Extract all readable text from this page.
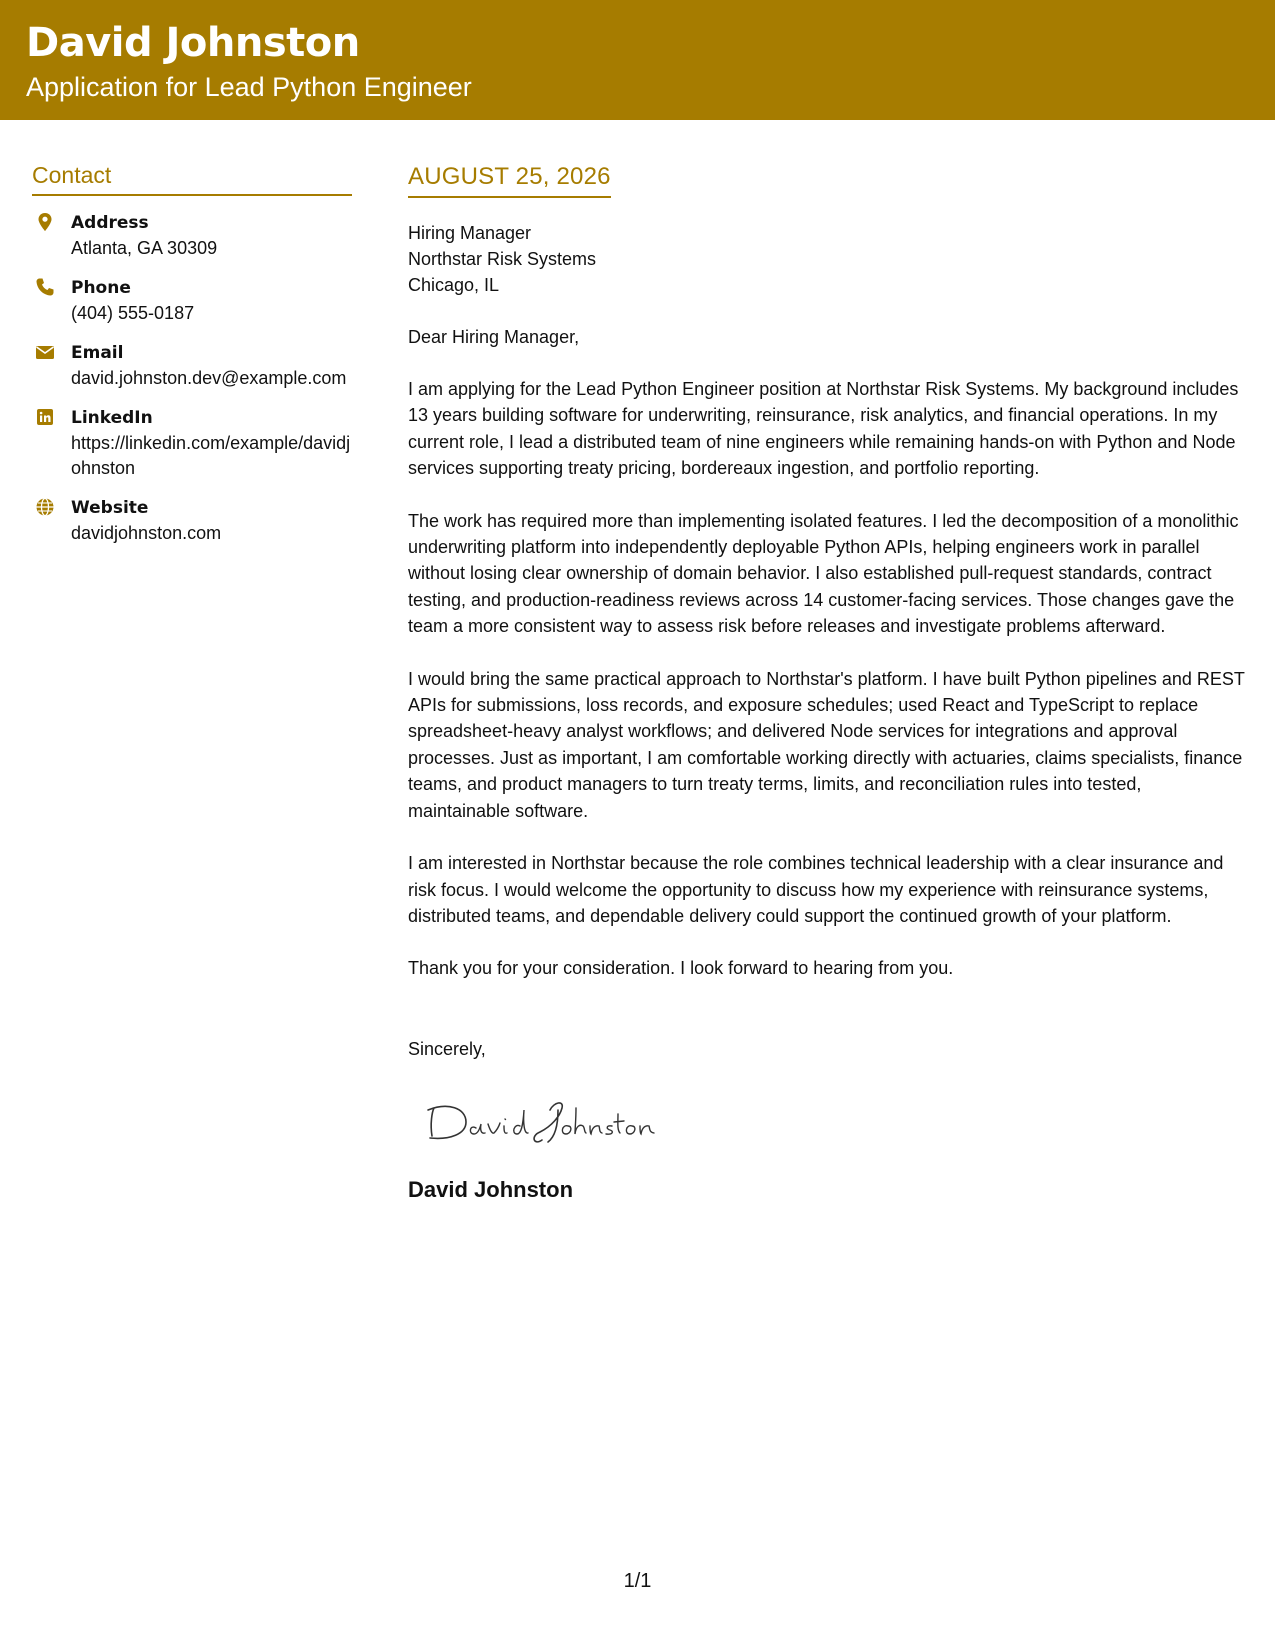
David Johnston
Application for Lead Python Engineer
Contact
Address
Atlanta, GA 30309
Phone
(404) 555-0187
Email
david.johnston.dev@example.com
LinkedIn
https://linkedin.com/example/davidjohnston
Website
davidjohnston.com
AUGUST 25, 2026
Hiring Manager
Northstar Risk Systems
Chicago, IL
Dear Hiring Manager,
I am applying for the Lead Python Engineer position at Northstar Risk Systems. My background includes 13 years building software for underwriting, reinsurance, risk analytics, and financial operations. In my current role, I lead a distributed team of nine engineers while remaining hands-on with Python and Node services supporting treaty pricing, bordereaux ingestion, and portfolio reporting.
The work has required more than implementing isolated features. I led the decomposition of a monolithic underwriting platform into independently deployable Python APIs, helping engineers work in parallel without losing clear ownership of domain behavior. I also established pull-request standards, contract testing, and production-readiness reviews across 14 customer-facing services. Those changes gave the team a more consistent way to assess risk before releases and investigate problems afterward.
I would bring the same practical approach to Northstar's platform. I have built Python pipelines and REST APIs for submissions, loss records, and exposure schedules; used React and TypeScript to replace spreadsheet-heavy analyst workflows; and delivered Node services for integrations and approval processes. Just as important, I am comfortable working directly with actuaries, claims specialists, finance teams, and product managers to turn treaty terms, limits, and reconciliation rules into tested, maintainable software.
I am interested in Northstar because the role combines technical leadership with a clear insurance and risk focus. I would welcome the opportunity to discuss how my experience with reinsurance systems, distributed teams, and dependable delivery could support the continued growth of your platform.
Thank you for your consideration. I look forward to hearing from you.
Sincerely,
David Johnston
1/1
